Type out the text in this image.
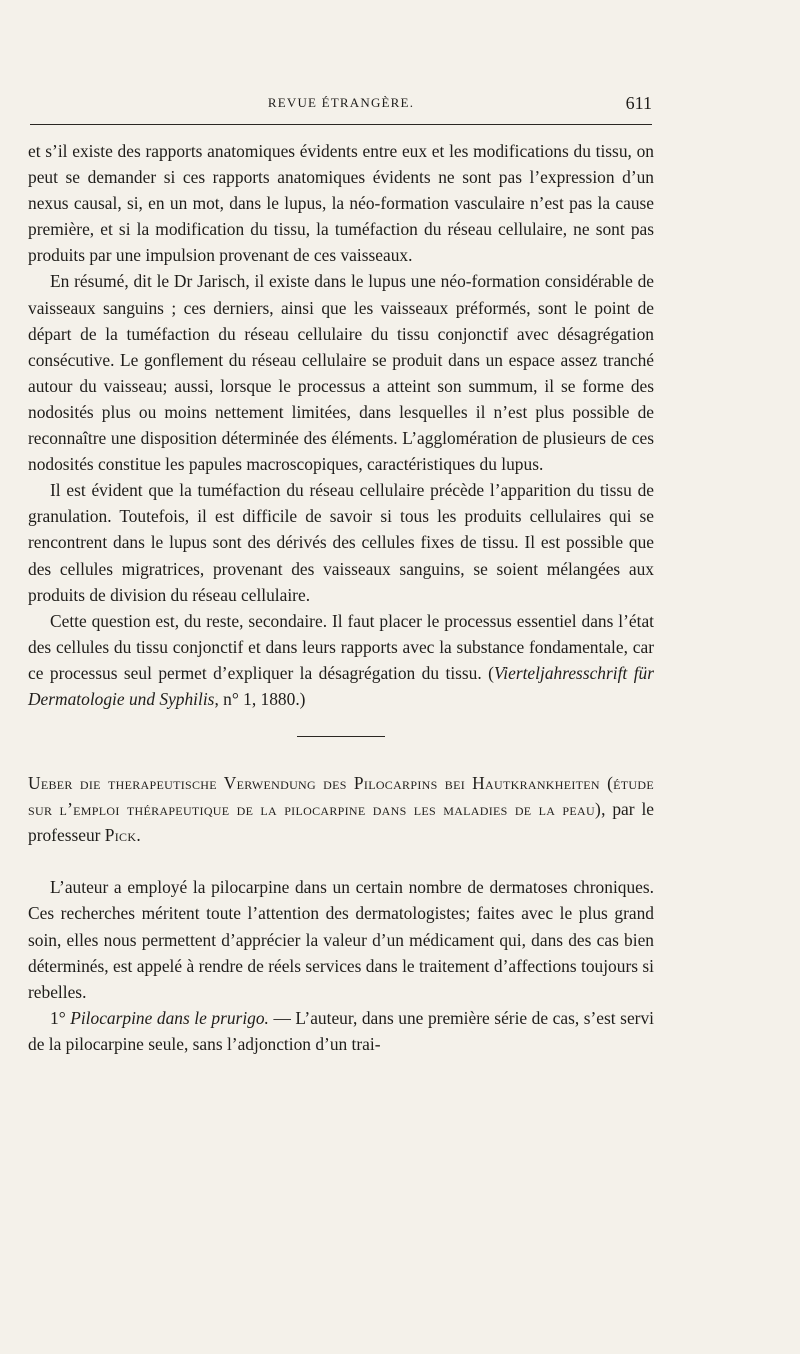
REVUE ÉTRANGÈRE.	611

et s’il existe des rapports anatomiques évidents entre eux et les modifications du tissu, on peut se demander si ces rapports anatomiques évidents ne sont pas l’expression d’un nexus causal, si, en un mot, dans le lupus, la néo-formation vasculaire n’est pas la cause première, et si la modification du tissu, la tuméfaction du réseau cellulaire, ne sont pas produits par une impulsion provenant de ces vaisseaux.

En résumé, dit le Dr Jarisch, il existe dans le lupus une néo-formation considérable de vaisseaux sanguins ; ces derniers, ainsi que les vaisseaux préformés, sont le point de départ de la tuméfaction du réseau cellulaire du tissu conjonctif avec désagrégation consécutive. Le gonflement du réseau cellulaire se produit dans un espace assez tranché autour du vaisseau; aussi, lorsque le processus a atteint son summum, il se forme des nodosités plus ou moins nettement limitées, dans lesquelles il n’est plus possible de reconnaître une disposition déterminée des éléments. L’agglomération de plusieurs de ces nodosités constitue les papules macroscopiques, caractéristiques du lupus.

Il est évident que la tuméfaction du réseau cellulaire précède l’apparition du tissu de granulation. Toutefois, il est difficile de savoir si tous les produits cellulaires qui se rencontrent dans le lupus sont des dérivés des cellules fixes de tissu. Il est possible que des cellules migratrices, provenant des vaisseaux sanguins, se soient mélangées aux produits de division du réseau cellulaire.

Cette question est, du reste, secondaire. Il faut placer le processus essentiel dans l’état des cellules du tissu conjonctif et dans leurs rapports avec la substance fondamentale, car ce processus seul permet d’expliquer la désagrégation du tissu. (Vierteljahresschrift für Dermatologie und Syphilis, n° 1, 1880.)

Ueber die therapeutische Verwendung des Pilocarpins bei Hautkrankheiten (étude sur l’emploi thérapeutique de la pilocarpine dans les maladies de la peau), par le professeur Pick.

L’auteur a employé la pilocarpine dans un certain nombre de dermatoses chroniques. Ces recherches méritent toute l’attention des dermatologistes; faites avec le plus grand soin, elles nous permettent d’apprécier la valeur d’un médicament qui, dans des cas bien déterminés, est appelé à rendre de réels services dans le traitement d’affections toujours si rebelles.

1° Pilocarpine dans le prurigo. — L’auteur, dans une première série de cas, s’est servi de la pilocarpine seule, sans l’adjonction d’un trai-
